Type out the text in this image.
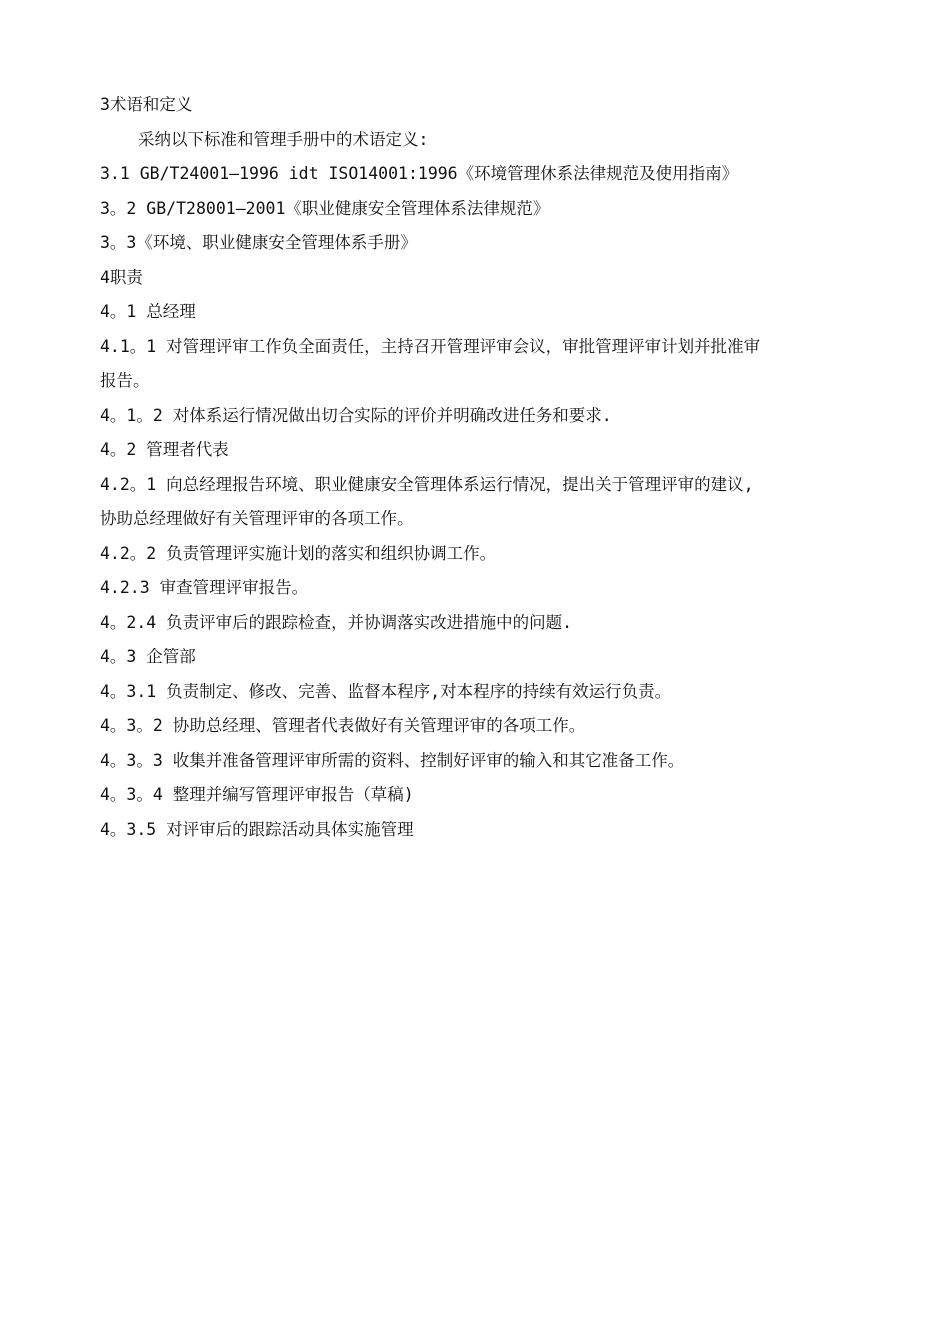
3术语和定义

采纳以下标准和管理手册中的术语定义:

3.1 GB/T24001—1996 idt ISO14001:1996《环境管理休系法律规范及使用指南》

3。2 GB/T28001—2001《职业健康安全管理体系法律规范》

3。3《环境、职业健康安全管理体系手册》

4职责

4。1 总经理

4.1。1 对管理评审工作负全面责任，主持召开管理评审会议，审批管理评审计划并批准审

报告。

4。1。2 对体系运行情况做出切合实际的评价并明确改进任务和要求.

4。2 管理者代表

4.2。1 向总经理报告环境、职业健康安全管理体系运行情况，提出关于管理评审的建议,

协助总经理做好有关管理评审的各项工作。

4.2。2 负责管理评实施计划的落实和组织协调工作。

4.2.3 审查管理评审报告。

4。2.4 负责评审后的跟踪检查，并协调落实改进措施中的问题.

4。3 企管部

4。3.1 负责制定、修改、完善、监督本程序,对本程序的持续有效运行负责。

4。3。2 协助总经理、管理者代表做好有关管理评审的各项工作。

4。3。3 收集并准备管理评审所需的资料、控制好评审的输入和其它准备工作。

4。3。4 整理并编写管理评审报告（草稿)

4。3.5 对评审后的跟踪活动具体实施管理
